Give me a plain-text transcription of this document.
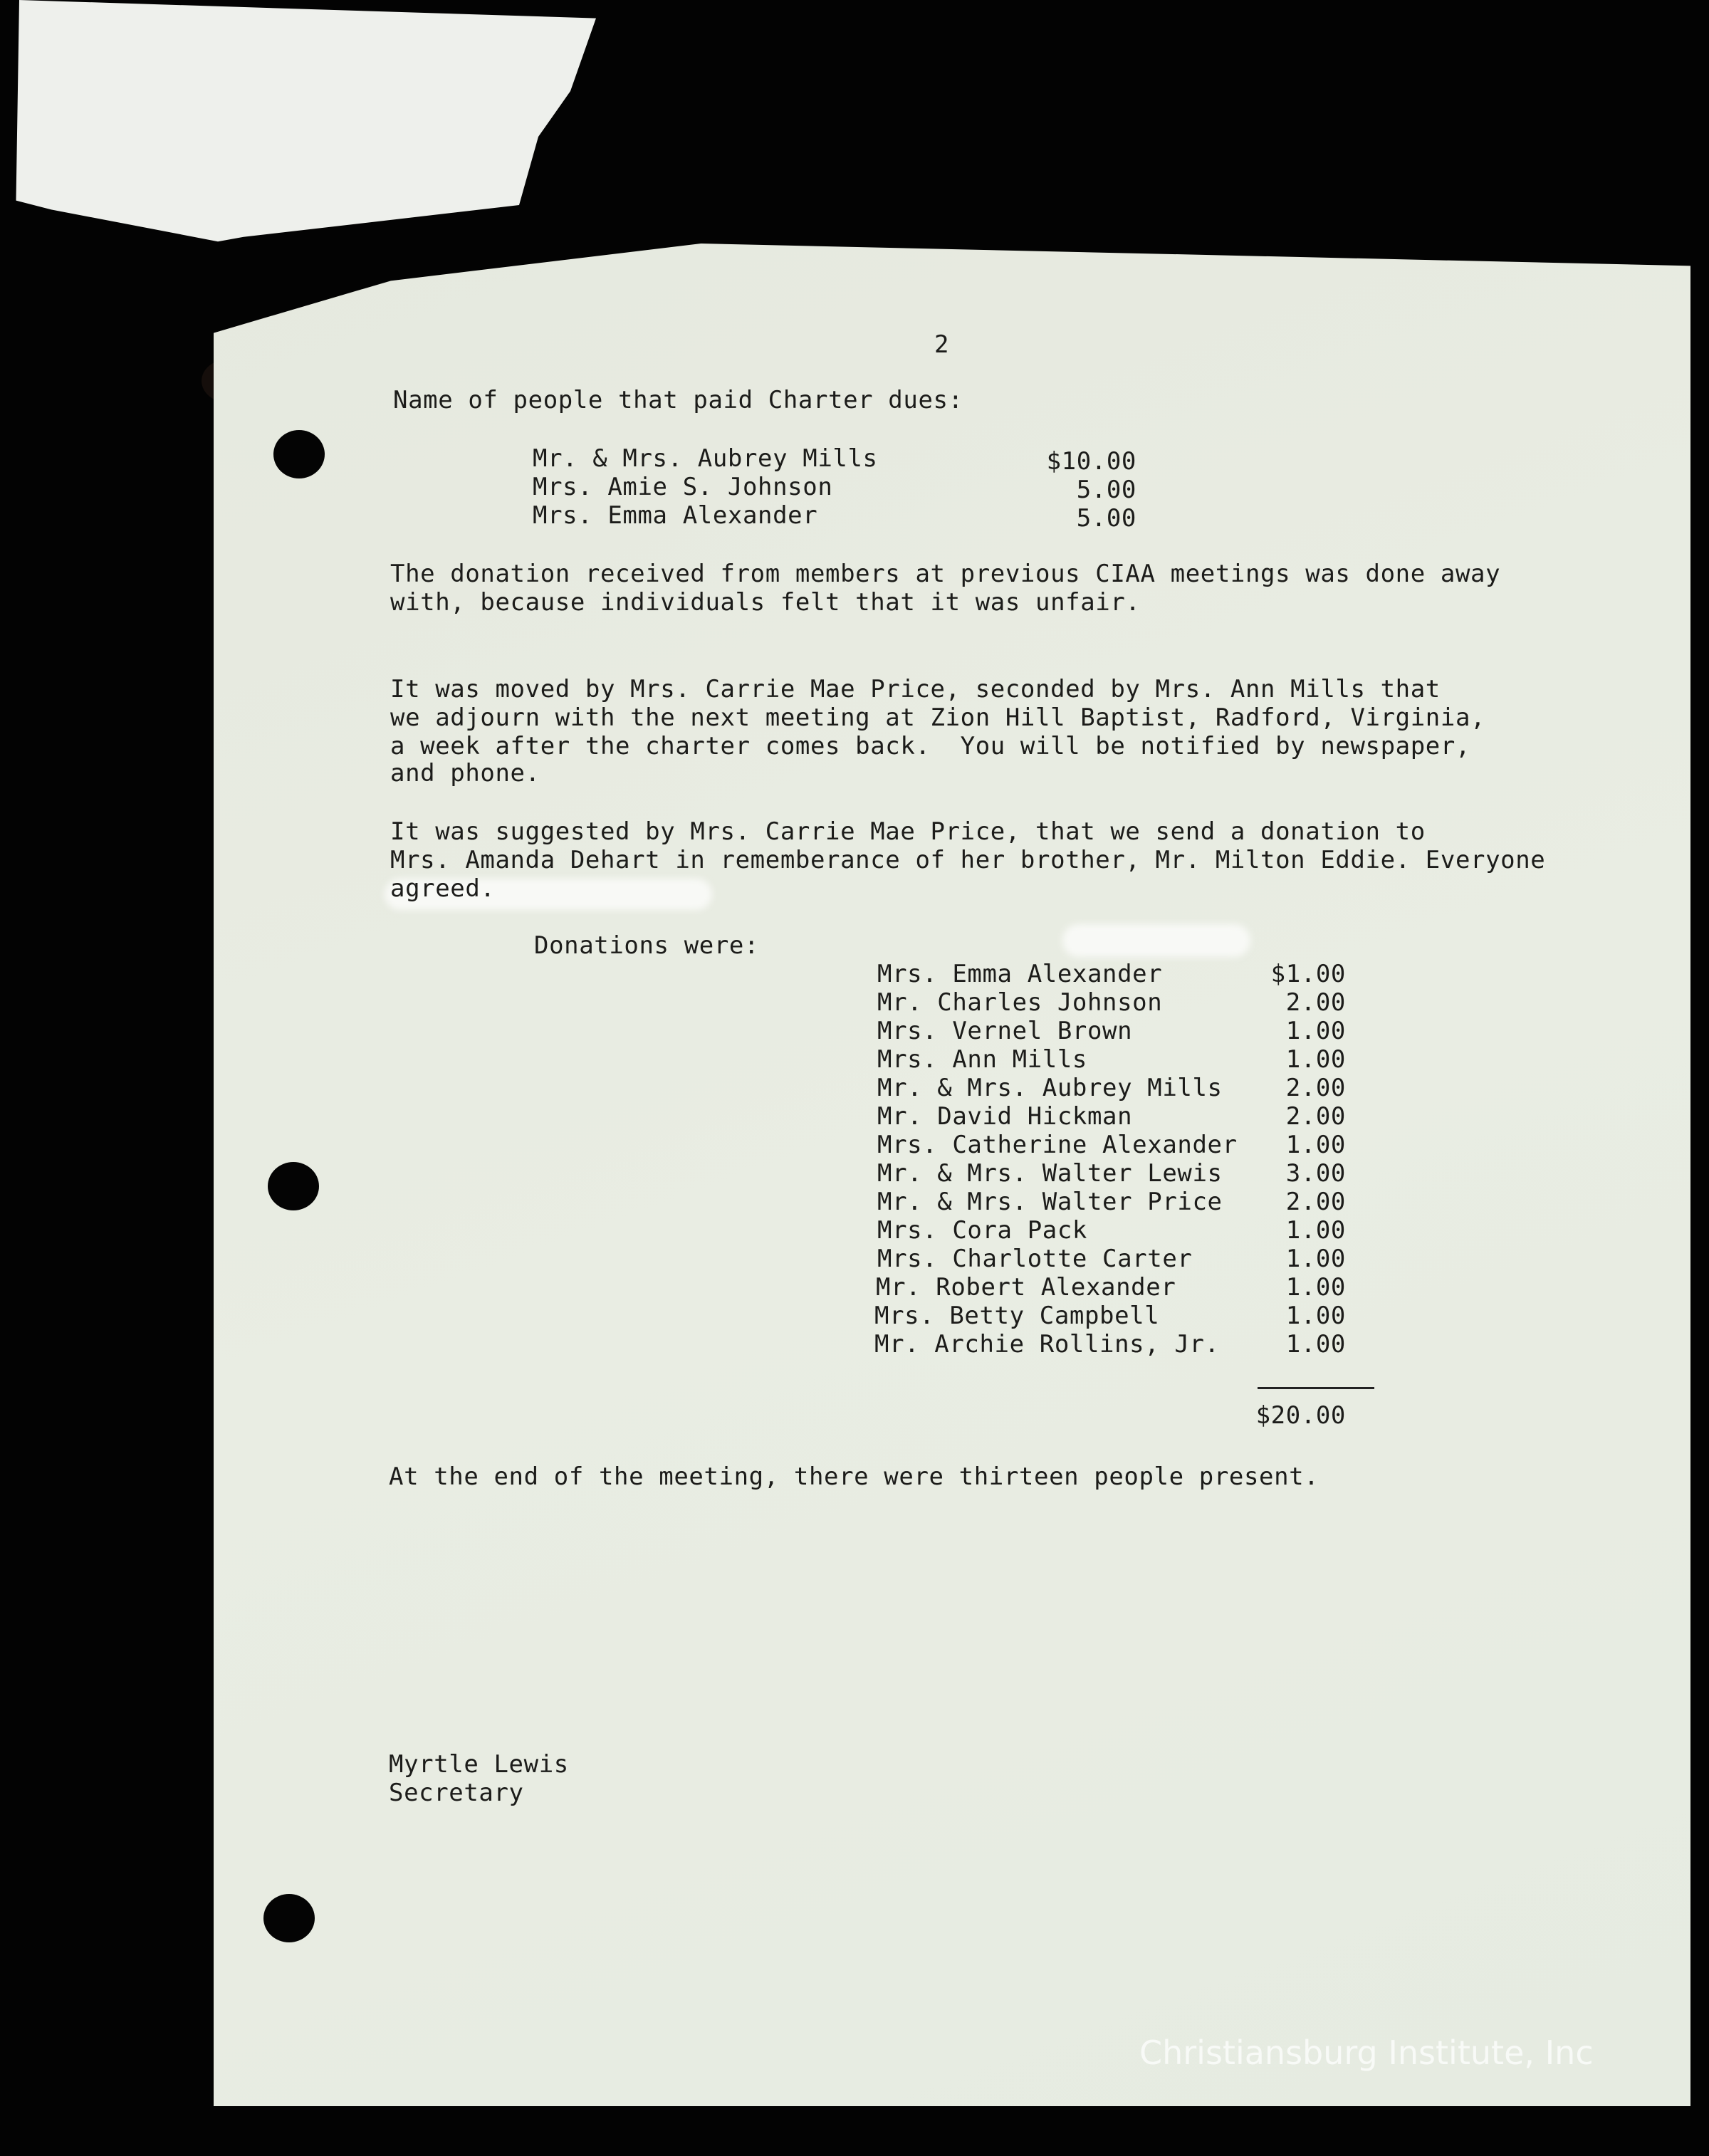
2
Name of people that paid Charter dues:
Mr. & Mrs. Aubrey Mills	$10.00
Mrs. Amie S. Johnson	5.00
Mrs. Emma Alexander	5.00
The donation received from members at previous CIAA meetings was done away
with, because individuals felt that it was unfair.
It was moved by Mrs. Carrie Mae Price, seconded by Mrs. Ann Mills that
we adjourn with the next meeting at Zion Hill Baptist, Radford, Virginia,
a week after the charter comes back.  You will be notified by newspaper,
and phone.
It was suggested by Mrs. Carrie Mae Price, that we send a donation to
Mrs. Amanda Dehart in rememberance of her brother, Mr. Milton Eddie. Everyone
agreed.
Donations were:
Mrs. Emma Alexander	$1.00
Mr. Charles Johnson	2.00
Mrs. Vernel Brown	1.00
Mrs. Ann Mills	1.00
Mr. & Mrs. Aubrey Mills	2.00
Mr. David Hickman	2.00
Mrs. Catherine Alexander	1.00
Mr. & Mrs. Walter Lewis	3.00
Mr. & Mrs. Walter Price	2.00
Mrs. Cora Pack	1.00
Mrs. Charlotte Carter	1.00
Mr. Robert Alexander	1.00
Mrs. Betty Campbell	1.00
Mr. Archie Rollins, Jr.	1.00
$20.00
At the end of the meeting, there were thirteen people present.
Myrtle Lewis
Secretary
Christiansburg Institute, Inc
